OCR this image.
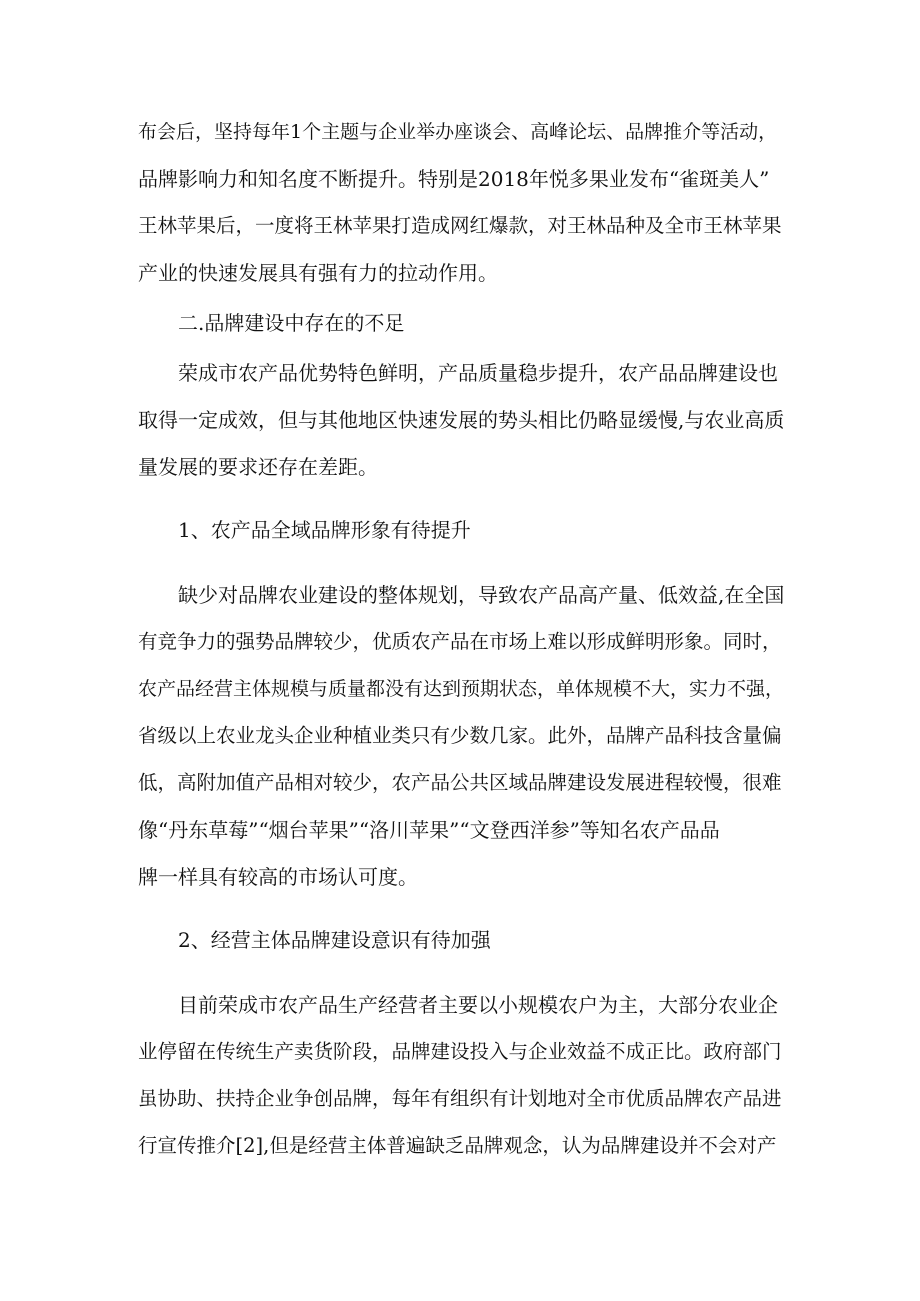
布会后，坚持每年1个主题与企业举办座谈会、高峰论坛、品牌推介等活动，
品牌影响力和知名度不断提升。特别是2018年悦多果业发布“雀斑美人”
王林苹果后，一度将王林苹果打造成网红爆款，对王林品种及全市王林苹果
产业的快速发展具有强有力的拉动作用。
二.品牌建设中存在的不足
荣成市农产品优势特色鲜明，产品质量稳步提升，农产品品牌建设也
取得一定成效，但与其他地区快速发展的势头相比仍略显缓慢,与农业高质
量发展的要求还存在差距。
1、农产品全域品牌形象有待提升
缺少对品牌农业建设的整体规划，导致农产品高产量、低效益,在全国
有竞争力的强势品牌较少，优质农产品在市场上难以形成鲜明形象。同时，
农产品经营主体规模与质量都没有达到预期状态，单体规模不大，实力不强，
省级以上农业龙头企业种植业类只有少数几家。此外，品牌产品科技含量偏
低，高附加值产品相对较少，农产品公共区域品牌建设发展进程较慢，很难
像“丹东草莓”“烟台苹果”“洛川苹果”“文登西洋参”等知名农产品品
牌一样具有较高的市场认可度。
2、经营主体品牌建设意识有待加强
目前荣成市农产品生产经营者主要以小规模农户为主，大部分农业企
业停留在传统生产卖货阶段，品牌建设投入与企业效益不成正比。政府部门
虽协助、扶持企业争创品牌，每年有组织有计划地对全市优质品牌农产品进
行宣传推介[2],但是经营主体普遍缺乏品牌观念，认为品牌建设并不会对产
